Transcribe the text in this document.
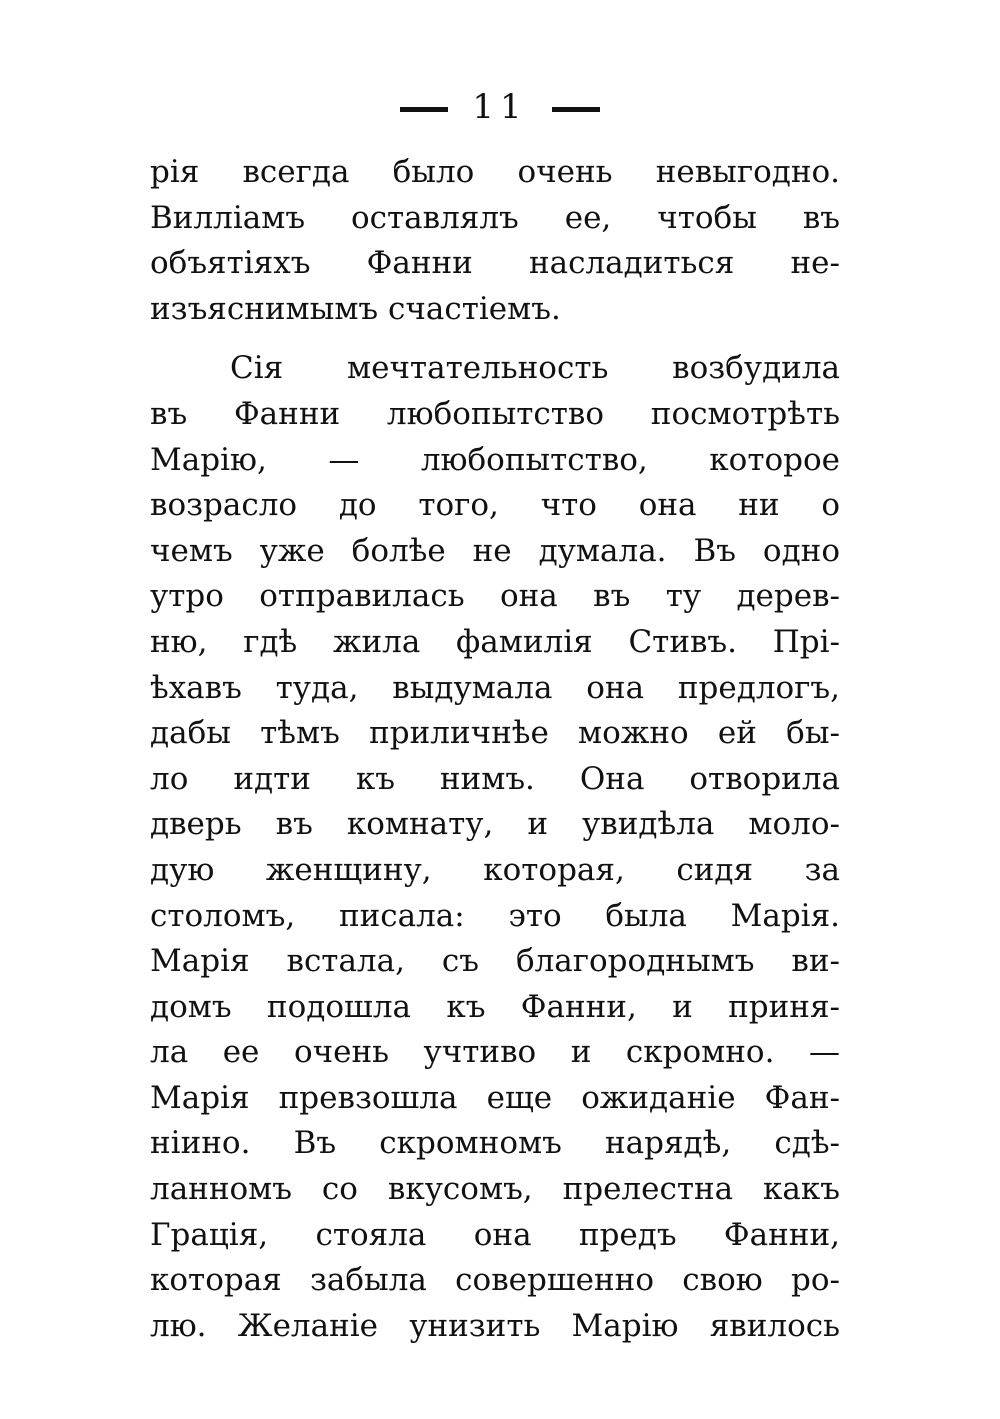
11
рія всегда было очень невыгодно.
Вилліамъ оставлялъ ее, чтобы въ
объятіяхъ Фанни насладиться не-
изъяснимымъ счастіемъ.
Сія мечтательность возбудила
въ Фанни любопытство посмотрѣть
Марію, — любопытство, которое
возрасло до того, что она ни о
чемъ уже болѣе не думала. Въ одно
утро отправилась она въ ту дерев-
ню, гдѣ жила фамилія Стивъ. Прі-
ѣхавъ туда, выдумала она предлогъ,
дабы тѣмъ приличнѣе можно ей бы-
ло идти къ нимъ. Она отворила
дверь въ комнату, и увидѣла моло-
дую женщину, которая, сидя за
столомъ, писала: это была Марія.
Марія встала, съ благороднымъ ви-
домъ подошла къ Фанни, и приня-
ла ее очень учтиво и скромно. —
Марія превзошла еще ожиданіе Фан-
ніино. Въ скромномъ нарядѣ, сдѣ-
ланномъ со вкусомъ, прелестна какъ
Грація, стояла она предъ Фанни,
которая забыла совершенно свою ро-
лю. Желаніе унизить Марію явилось
